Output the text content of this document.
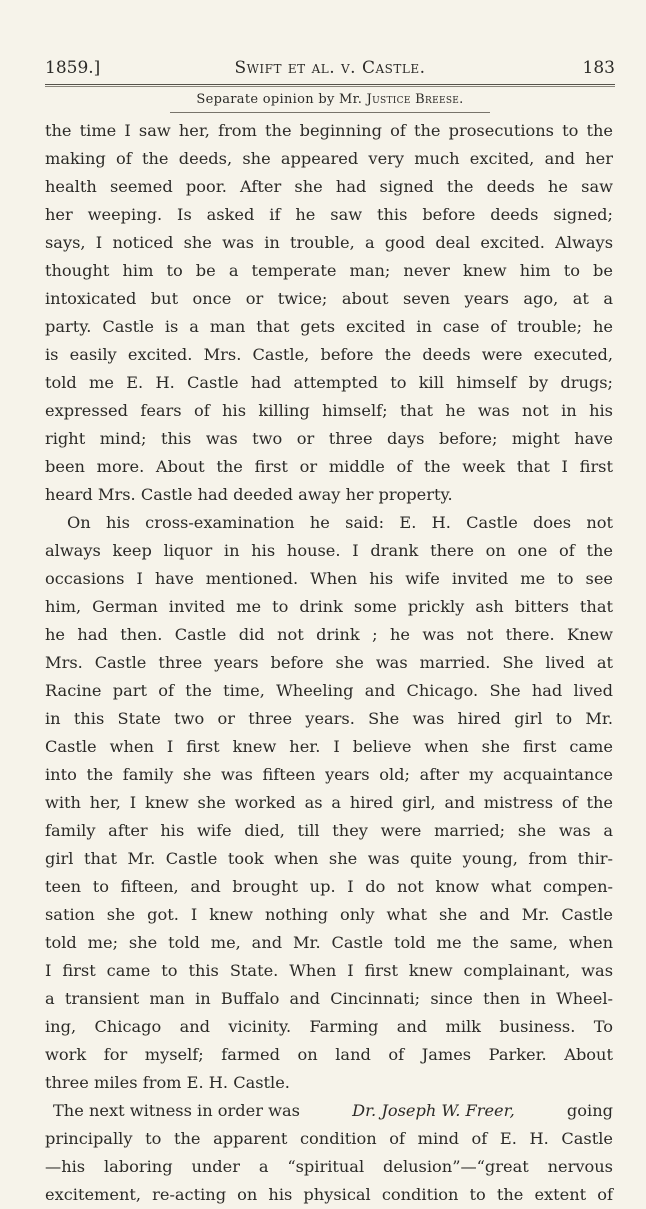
1859.]	Swift et al. v. Castle.	183
Separate opinion by Mr. Justice Breese.
the time I saw her, from the beginning of the prosecutions to the
making of the deeds, she appeared very much excited, and her
health seemed poor. After she had signed the deeds he saw
her weeping. Is asked if he saw this before deeds signed;
says, I noticed she was in trouble, a good deal excited. Always
thought him to be a temperate man; never knew him to be
intoxicated but once or twice; about seven years ago, at a
party. Castle is a man that gets excited in case of trouble; he
is easily excited. Mrs. Castle, before the deeds were executed,
told me E. H. Castle had attempted to kill himself by drugs;
expressed fears of his killing himself; that he was not in his
right mind; this was two or three days before; might have
been more. About the first or middle of the week that I first
heard Mrs. Castle had deeded away her property.
On his cross-examination he said: E. H. Castle does not
always keep liquor in his house. I drank there on one of the
occasions I have mentioned. When his wife invited me to see
him, German invited me to drink some prickly ash bitters that
he had then. Castle did not drink ; he was not there. Knew
Mrs. Castle three years before she was married. She lived at
Racine part of the time, Wheeling and Chicago. She had lived
in this State two or three years. She was hired girl to Mr.
Castle when I first knew her. I believe when she first came
into the family she was fifteen years old; after my acquaintance
with her, I knew she worked as a hired girl, and mistress of the
family after his wife died, till they were married; she was a
girl that Mr. Castle took when she was quite young, from thir-
teen to fifteen, and brought up. I do not know what compen-
sation she got. I knew nothing only what she and Mr. Castle
told me; she told me, and Mr. Castle told me the same, when
I first came to this State. When I first knew complainant, was
a transient man in Buffalo and Cincinnati; since then in Wheel-
ing, Chicago and vicinity. Farming and milk business. To
work for myself; farmed on land of James Parker. About
three miles from E. H. Castle.
The next witness in order was	Dr. Joseph W. Freer,	going
principally to the apparent condition of mind of E. H. Castle
—his laboring under a “spiritual delusion”—“great nervous
excitement, re-acting on his physical condition to the extent of
